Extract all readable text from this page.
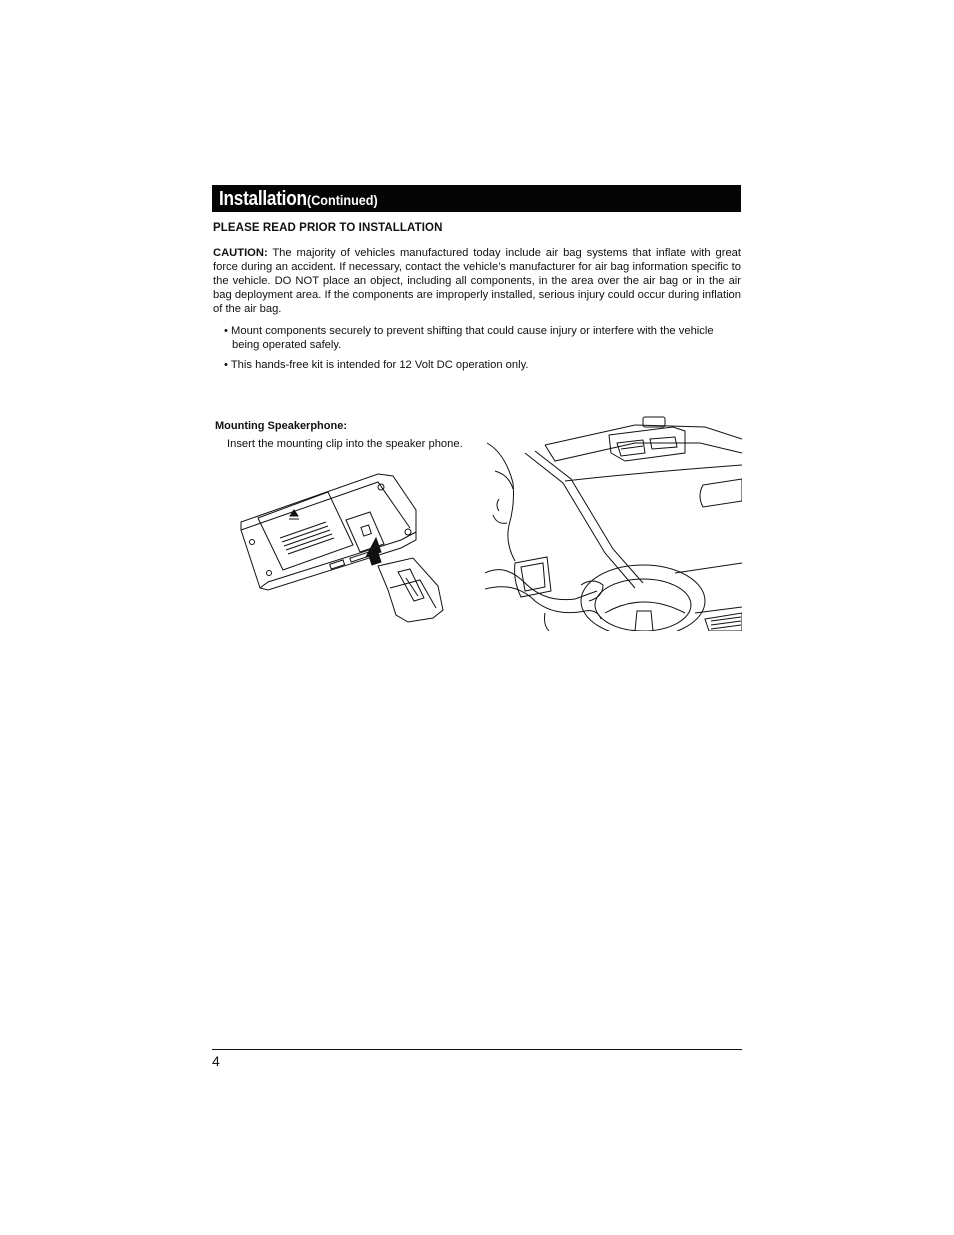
Installation (Continued)
PLEASE READ PRIOR TO INSTALLATION

CAUTION: The majority of vehicles manufactured today include air bag systems that inflate with great force during an accident. If necessary, contact the vehicle’s manufacturer for air bag information specific to the vehicle. DO NOT place an object, including all components, in the area over the air bag or in the air bag deployment area. If the components are improperly installed, serious injury could occur during inflation of the air bag.

• Mount components securely to prevent shifting that could cause injury or interfere with the vehicle being operated safely.
• This hands-free kit is intended for 12 Volt DC operation only.
Mounting Speakerphone:
Insert the mounting clip into the speaker phone.
4
